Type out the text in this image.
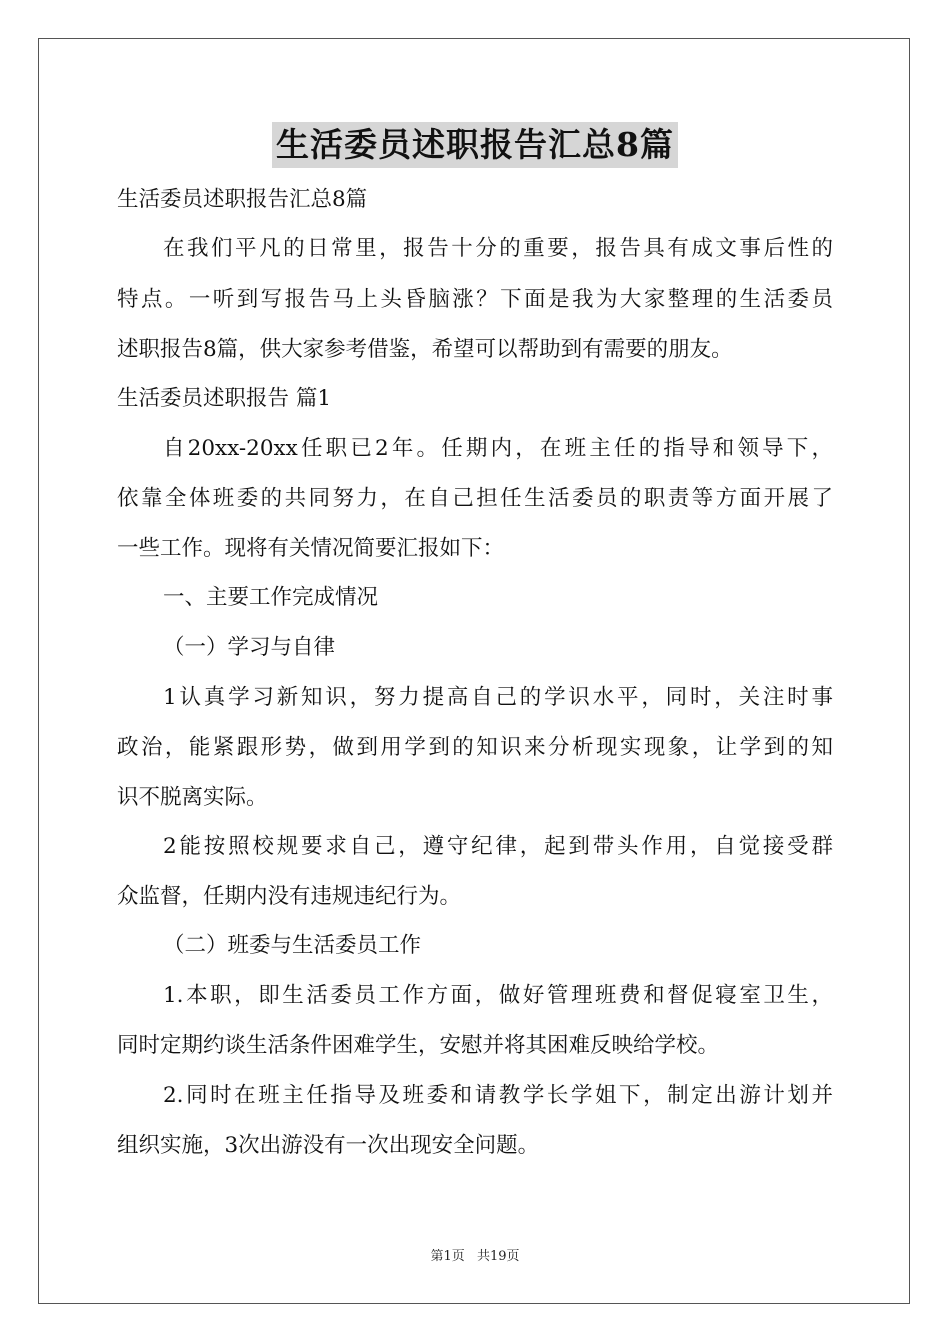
生活委员述职报告汇总8篇
生活委员述职报告汇总8篇
在我们平凡的日常里，报告十分的重要，报告具有成文事后性的
特点。一听到写报告马上头昏脑涨？下面是我为大家整理的生活委员
述职报告8篇，供大家参考借鉴，希望可以帮助到有需要的朋友。
生活委员述职报告 篇1
自20xx-20xx任职已2年。任期内，在班主任的指导和领导下，
依靠全体班委的共同努力，在自己担任生活委员的职责等方面开展了
一些工作。现将有关情况简要汇报如下：
一、主要工作完成情况
（一）学习与自律
1认真学习新知识，努力提高自己的学识水平，同时，关注时事
政治，能紧跟形势，做到用学到的知识来分析现实现象，让学到的知
识不脱离实际。
2能按照校规要求自己，遵守纪律，起到带头作用，自觉接受群
众监督，任期内没有违规违纪行为。
（二）班委与生活委员工作
1.本职，即生活委员工作方面，做好管理班费和督促寝室卫生，
同时定期约谈生活条件困难学生，安慰并将其困难反映给学校。
2.同时在班主任指导及班委和请教学长学姐下，制定出游计划并
组织实施，3次出游没有一次出现安全问题。
第1页 共19页
